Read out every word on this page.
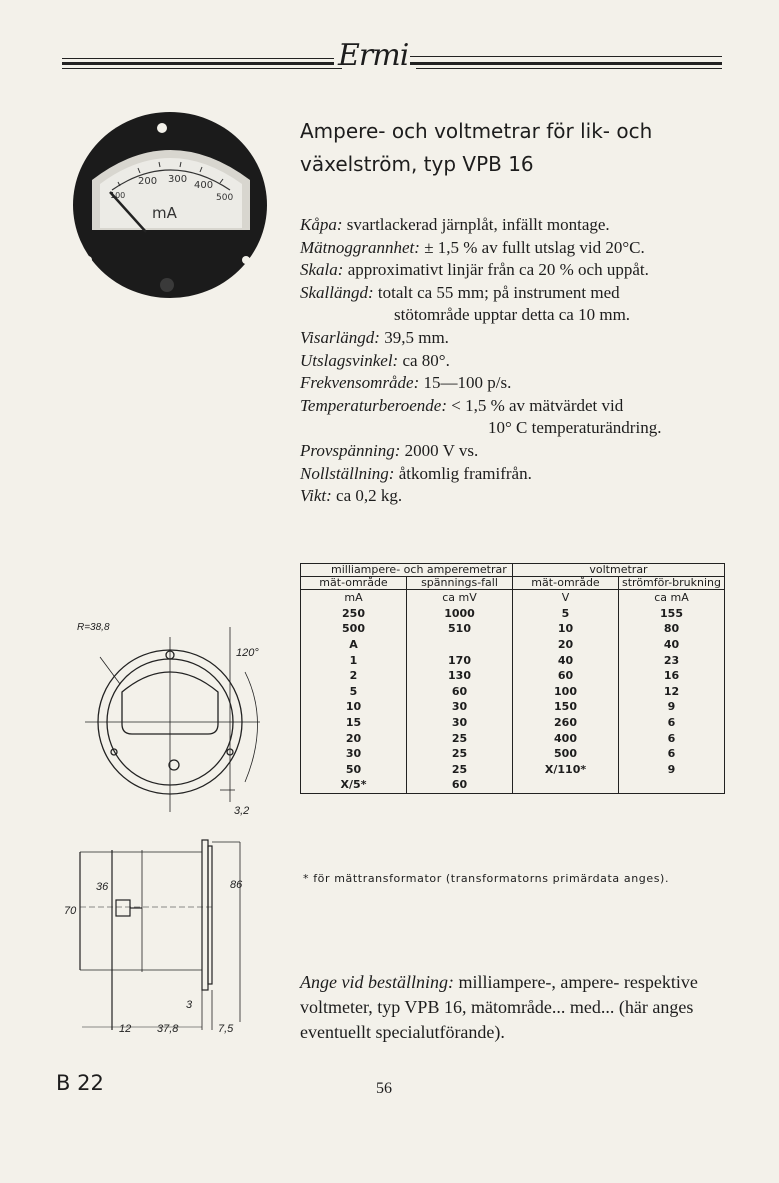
Ermi
200 300
400
500
100
mA
Ampere- och voltmetrar för lik- och växelström, typ VPB 16
Kåpa: svartlackerad järnplåt, infällt montage.
Mätnoggrannhet: ± 1,5 % av fullt utslag vid 20°C.
Skala: approximativt linjär från ca 20 % och uppåt.
Skallängd: totalt ca 55 mm; på instrument med
stötområde upptar detta ca 10 mm.
Visarlängd: 39,5 mm.
Utslagsvinkel: ca 80°.
Frekvensområde: 15—100 p/s.
Temperaturberoende: < 1,5 % av mätvärdet vid
10° C temperaturändring.
Provspänning: 2000 V vs.
Nollställning: åtkomlig framifrån.
Vikt: ca 0,2 kg.
milliampere- och amperemetrar		voltmetrar	
mät-område	spännings-fall	mät-område	strömför-brukning
mA	ca mV	V	ca mA
250	1000	5	155
500	510	10	80
A		20	40
1	170	40	23
2	130	60	16
5	60	100	12
10	30	150	9
15	30	260	6
20	25	400	6
30	25	500	6
50	25	X/110*	9
X/5*	60		
* för mättransformator (transformatorns primärdata anges).
R=38,8
120°
3,2
36	86
70
3
12 37,8	7,5
Ange vid beställning: milliampere-, ampere- respektive voltmeter, typ VPB 16, mätområde... med... (här anges eventuellt specialutförande).
B 22	56
